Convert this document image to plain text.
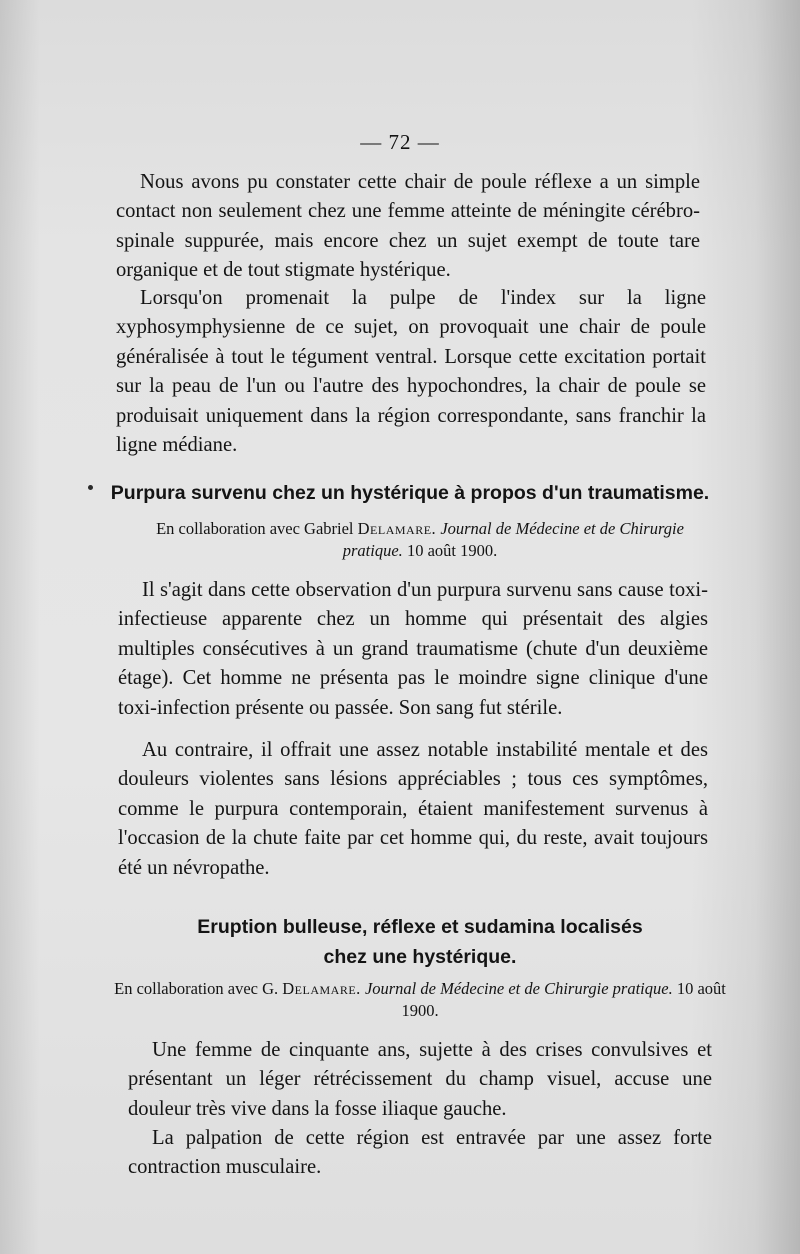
— 72 —

Nous avons pu constater cette chair de poule réflexe a un simple contact non seulement chez une femme atteinte de méningite cérébro-spinale suppurée, mais encore chez un sujet exempt de toute tare organique et de tout stigmate hystérique.

Lorsqu'on promenait la pulpe de l'index sur la ligne xyphosymphysienne de ce sujet, on provoquait une chair de poule généralisée à tout le tégument ventral. Lorsque cette excitation portait sur la peau de l'un ou l'autre des hypochondres, la chair de poule se produisait uniquement dans la région correspondante, sans franchir la ligne médiane.

Purpura survenu chez un hystérique à propos d'un traumatisme.

En collaboration avec Gabriel Delamare. Journal de Médecine et de Chirurgie pratique. 10 août 1900.

Il s'agit dans cette observation d'un purpura survenu sans cause toxi-infectieuse apparente chez un homme qui présentait des algies multiples consécutives à un grand traumatisme (chute d'un deuxième étage). Cet homme ne présenta pas le moindre signe clinique d'une toxi-infection présente ou passée. Son sang fut stérile.

Au contraire, il offrait une assez notable instabilité mentale et des douleurs violentes sans lésions appréciables ; tous ces symptômes, comme le purpura contemporain, étaient manifestement survenus à l'occasion de la chute faite par cet homme qui, du reste, avait toujours été un névropathe.

Eruption bulleuse, réflexe et sudamina localisés
chez une hystérique.

En collaboration avec G. Delamare. Journal de Médecine et de Chirurgie pratique. 10 août 1900.

Une femme de cinquante ans, sujette à des crises convulsives et présentant un léger rétrécissement du champ visuel, accuse une douleur très vive dans la fosse iliaque gauche.

La palpation de cette région est entravée par une assez forte contraction musculaire.
